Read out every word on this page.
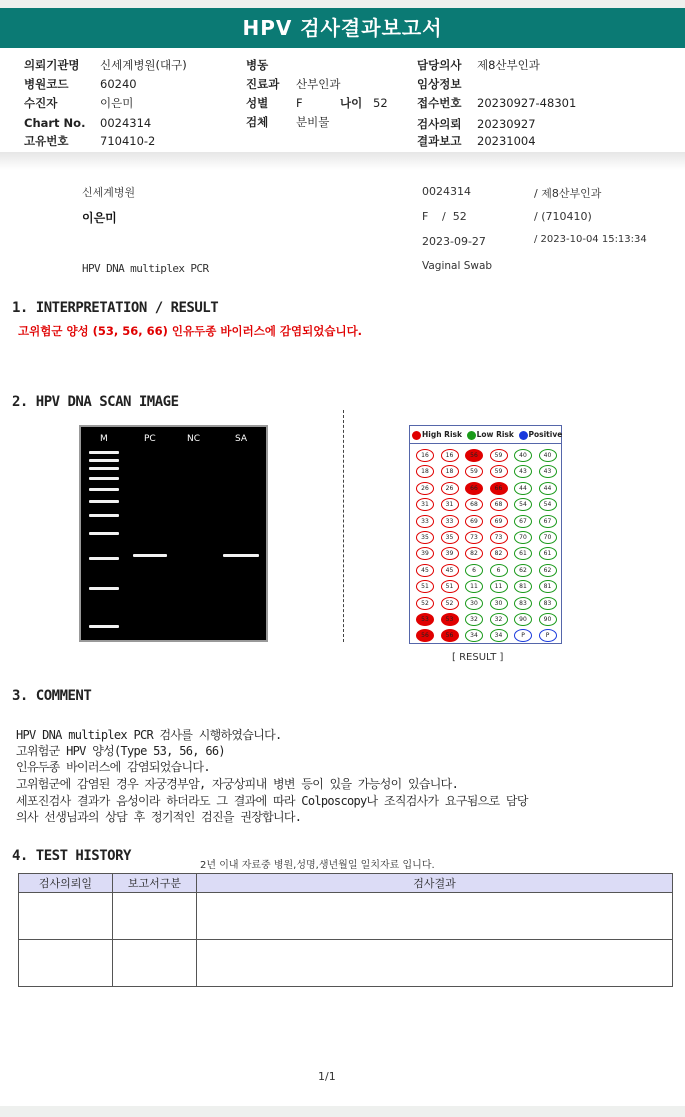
HPV 검사결과보고서
의뢰기관명 신세계병원(대구)
병원코드	60240
수진자	이은미
Chart No. 0024314
고유번호	710410-2
병동
진료과 산부인과
성별 F	나이 52
검체 분비물
담당의사 제8산부인과
임상정보
접수번호 20230927-48301
검사의뢰 20230927
결과보고 20231004
신세계병원
이은미
HPV DNA multiplex PCR
0024314	/ 제8산부인과
F /  52	/ (710410)
2023-09-27	/ 2023-10-04 15:13:34
Vaginal Swab
1. INTERPRETATION / RESULT
고위험군 양성 (53, 56, 66) 인유두종 바이러스에 감염되었습니다.
2. HPV DNA SCAN IMAGE
M	PC	NC	SA	High Risk Low Risk Positive
16	16	56	59	40	40
18	18	59	59	43	43
26	26	66	66	44	44
31	31	68	68	54	54
33	33	69	69	67	67
35	35	73	73	70	70
39	39	82	82	61	61
45	45	6	6	62	62
51	51	11	11	81	81
52	52	30	30	83	83
53	53	32	32	90	90
56	56	34	34	P	P
[ RESULT ]
3. COMMENT
HPV DNA multiplex PCR 검사를 시행하였습니다.
고위험군 HPV 양성(Type 53, 56, 66)
인유두종 바이러스에 감염되었습니다.
고위험군에 감염된 경우 자궁경부암, 자궁상피내 병변 등이 있을 가능성이 있습니다.
세포진검사 결과가 음성이라 하더라도 그 결과에 따라 Colposcopy나 조직검사가 요구됨으로 담당
의사 선생님과의 상담 후 정기적인 검진을 권장합니다.
4. TEST HISTORY
2년 이내 자료중 병원,성명,생년월일 일치자료 입니다.
검사의뢰일	보고서구분	검사결과

1/1
